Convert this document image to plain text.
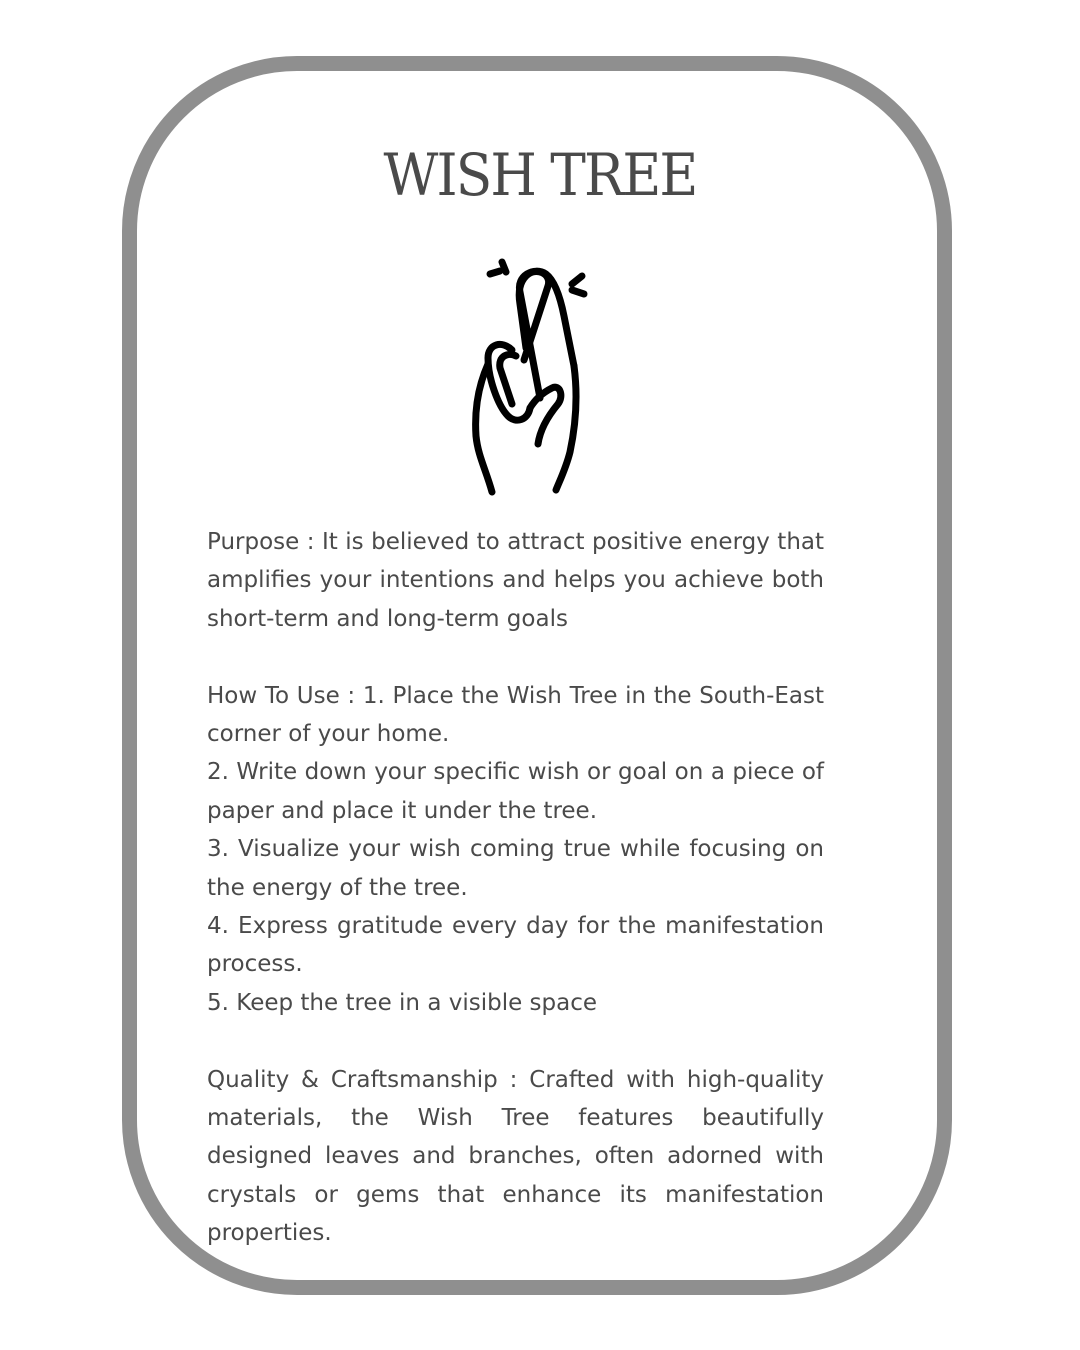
WISH TREE

Purpose : It is believed to attract positive energy that amplifies your intentions and helps you achieve both short-term and long-term goals

How To Use : 1. Place the Wish Tree in the South-East corner of your home.

2. Write down your specific wish or goal on a piece of paper and place it under the tree.

3. Visualize your wish coming true while focusing on the energy of the tree.

4. Express gratitude every day for the manifestation process.

5. Keep the tree in a visible space

Quality & Craftsmanship : Crafted with high-quality materials, the Wish Tree features beautifully designed leaves and branches, often adorned with crystals or gems that enhance its manifestation properties.
